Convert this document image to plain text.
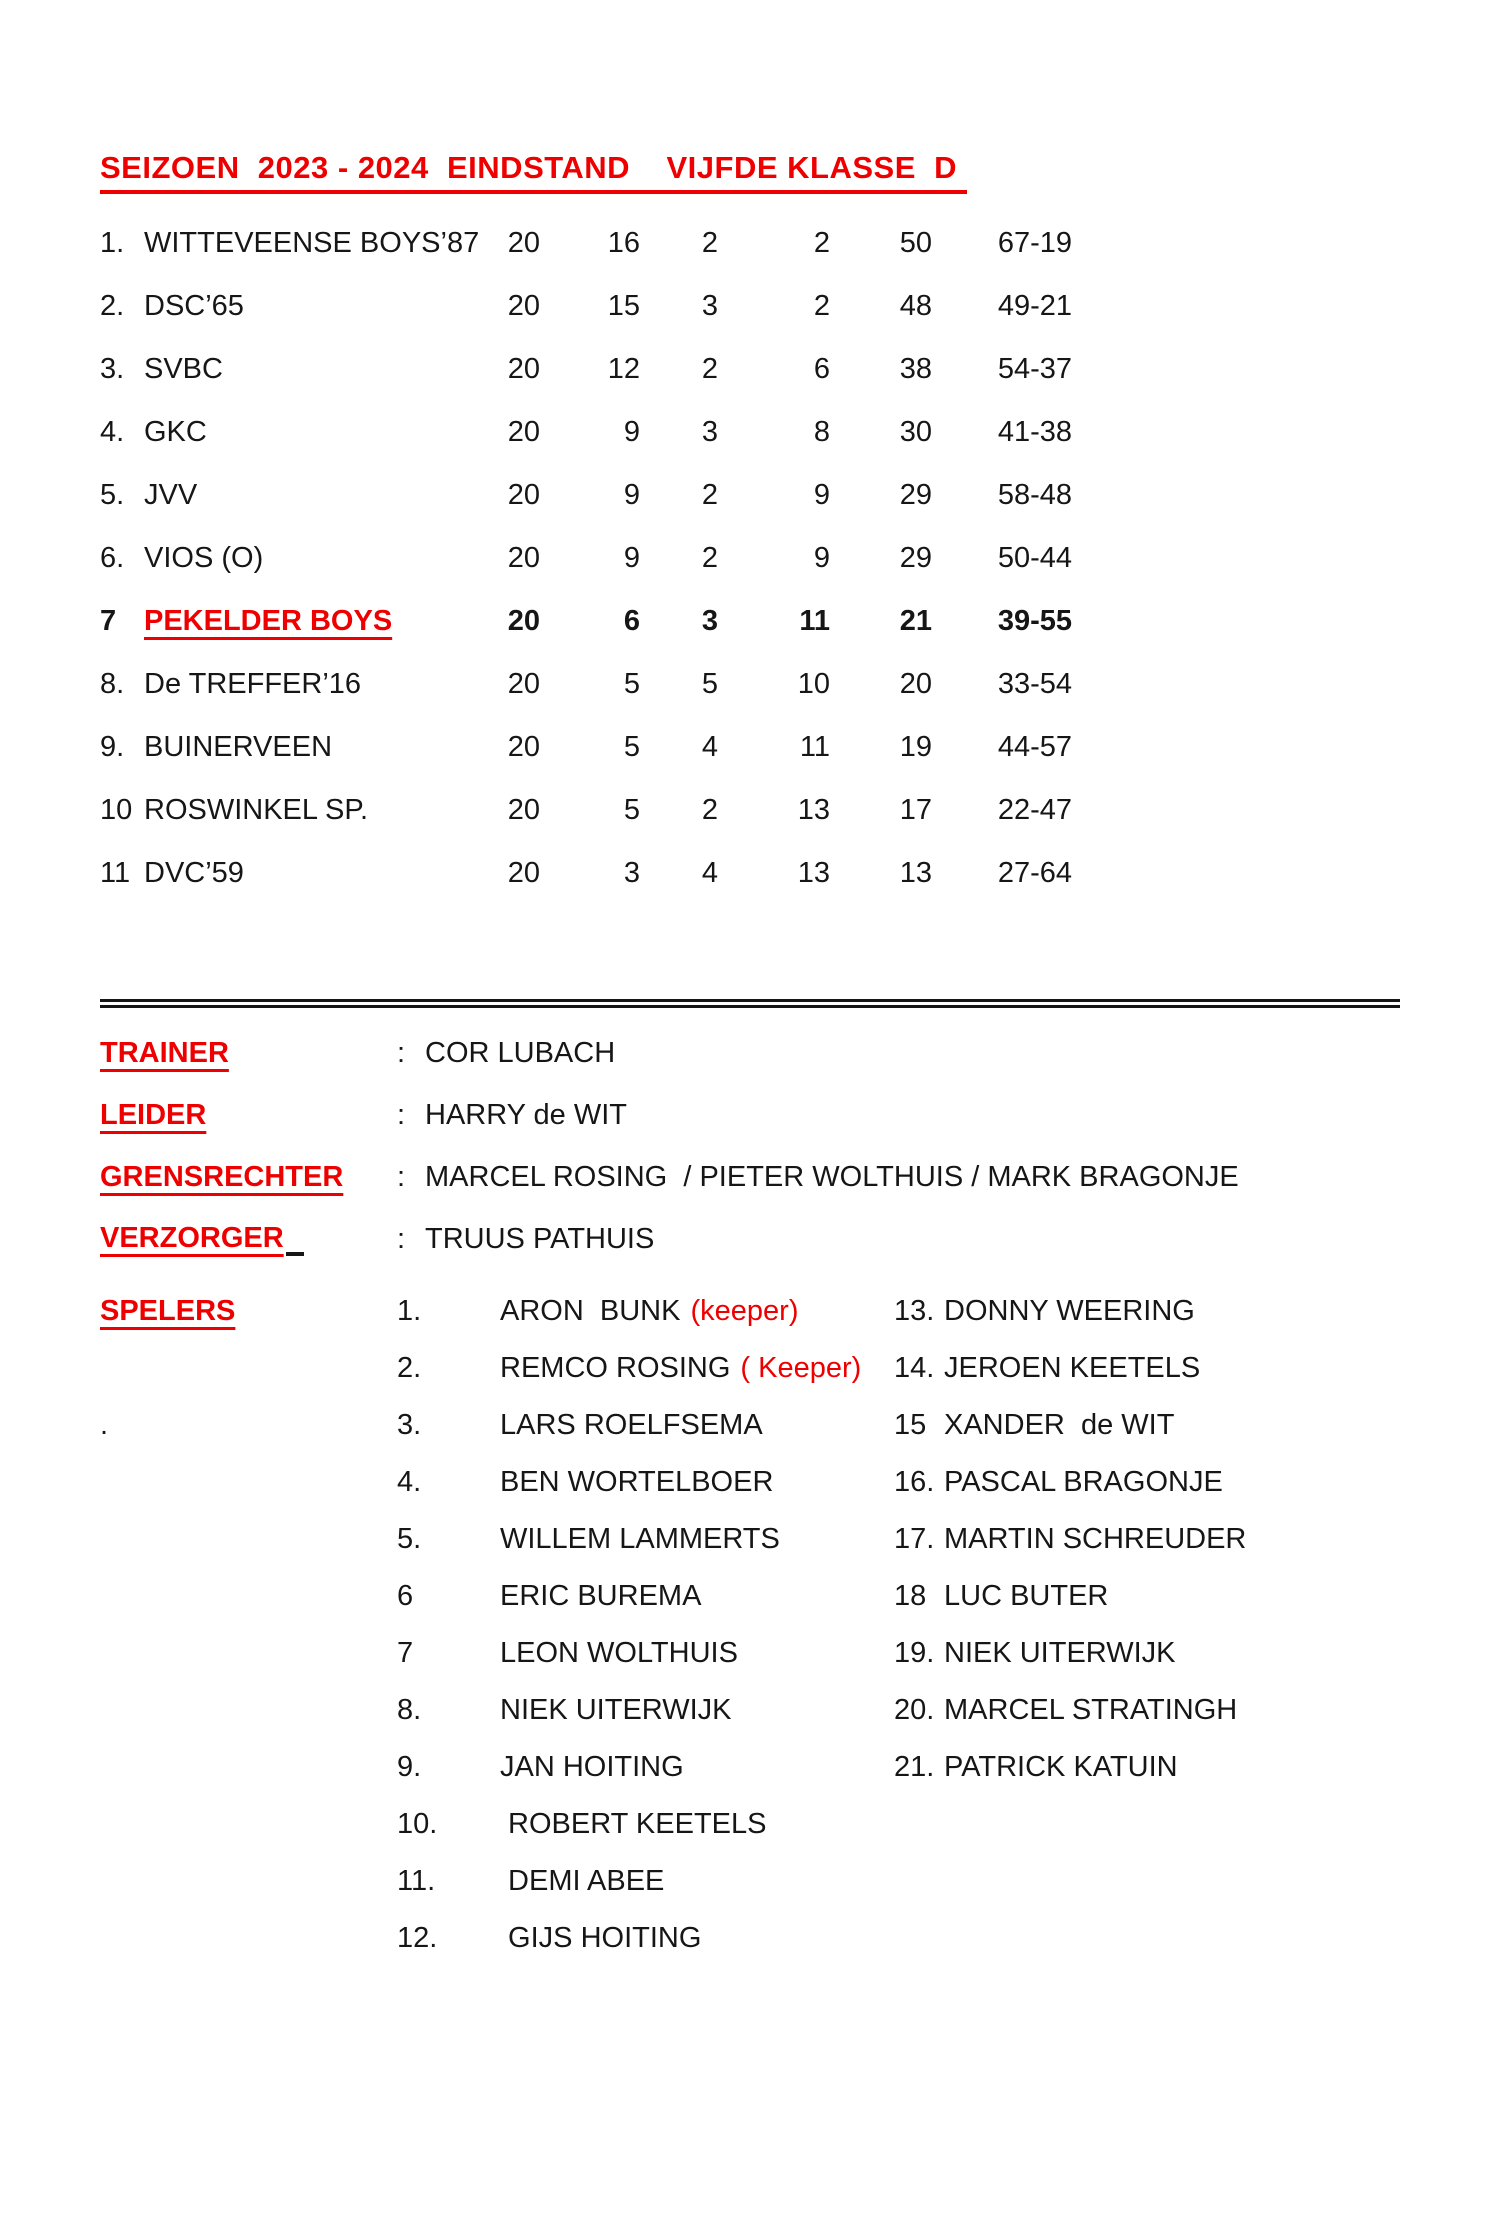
SEIZOEN  2023 - 2024  EINDSTAND    VIJFDE KLASSE  D
1. WITTEVEENSE BOYS’87 20	16	2	2	50	67-19
2. DSC’65	20	15	3	2	48	49-21
3. SVBC	20	12	2	6	38	54-37
4. GKC	20	9	3	8	30	41-38
5. JVV	20	9	2	9	29	58-48
6. VIOS (O)	20	9	2	9	29	50-44
7 PEKELDER BOYS	20	6	3	11	21	39-55
8. De TREFFER’16	20	5	5	10	20	33-54
9. BUINERVEEN	20	5	4	11	19	44-57
10 ROSWINKEL SP.	20	5	2	13	17	22-47
11 DVC’59	20	3	4	13	13	27-64
TRAINER	: COR LUBACH
LEIDER	: HARRY de WIT
GRENSRECHTER	: MARCEL ROSING  / PIETER WOLTHUIS / MARK BRAGONJE
VERZORGER	: TRUUS PATHUIS
SPELERS	1.	ARON  BUNK (keeper)	13. DONNY WEERING
2.	REMCO ROSING ( Keeper)	14. JEROEN KEETELS
.	3.	LARS ROELFSEMA	15 XANDER  de WIT
4.	BEN WORTELBOER	16. PASCAL BRAGONJE
5.	WILLEM LAMMERTS	17. MARTIN SCHREUDER
6	ERIC BUREMA	18 LUC BUTER
7	LEON WOLTHUIS	19. NIEK UITERWIJK
8.	NIEK UITERWIJK	20. MARCEL STRATINGH
9.	JAN HOITING	21. PATRICK KATUIN
10.	ROBERT KEETELS
11.	DEMI ABEE
12.	GIJS HOITING
